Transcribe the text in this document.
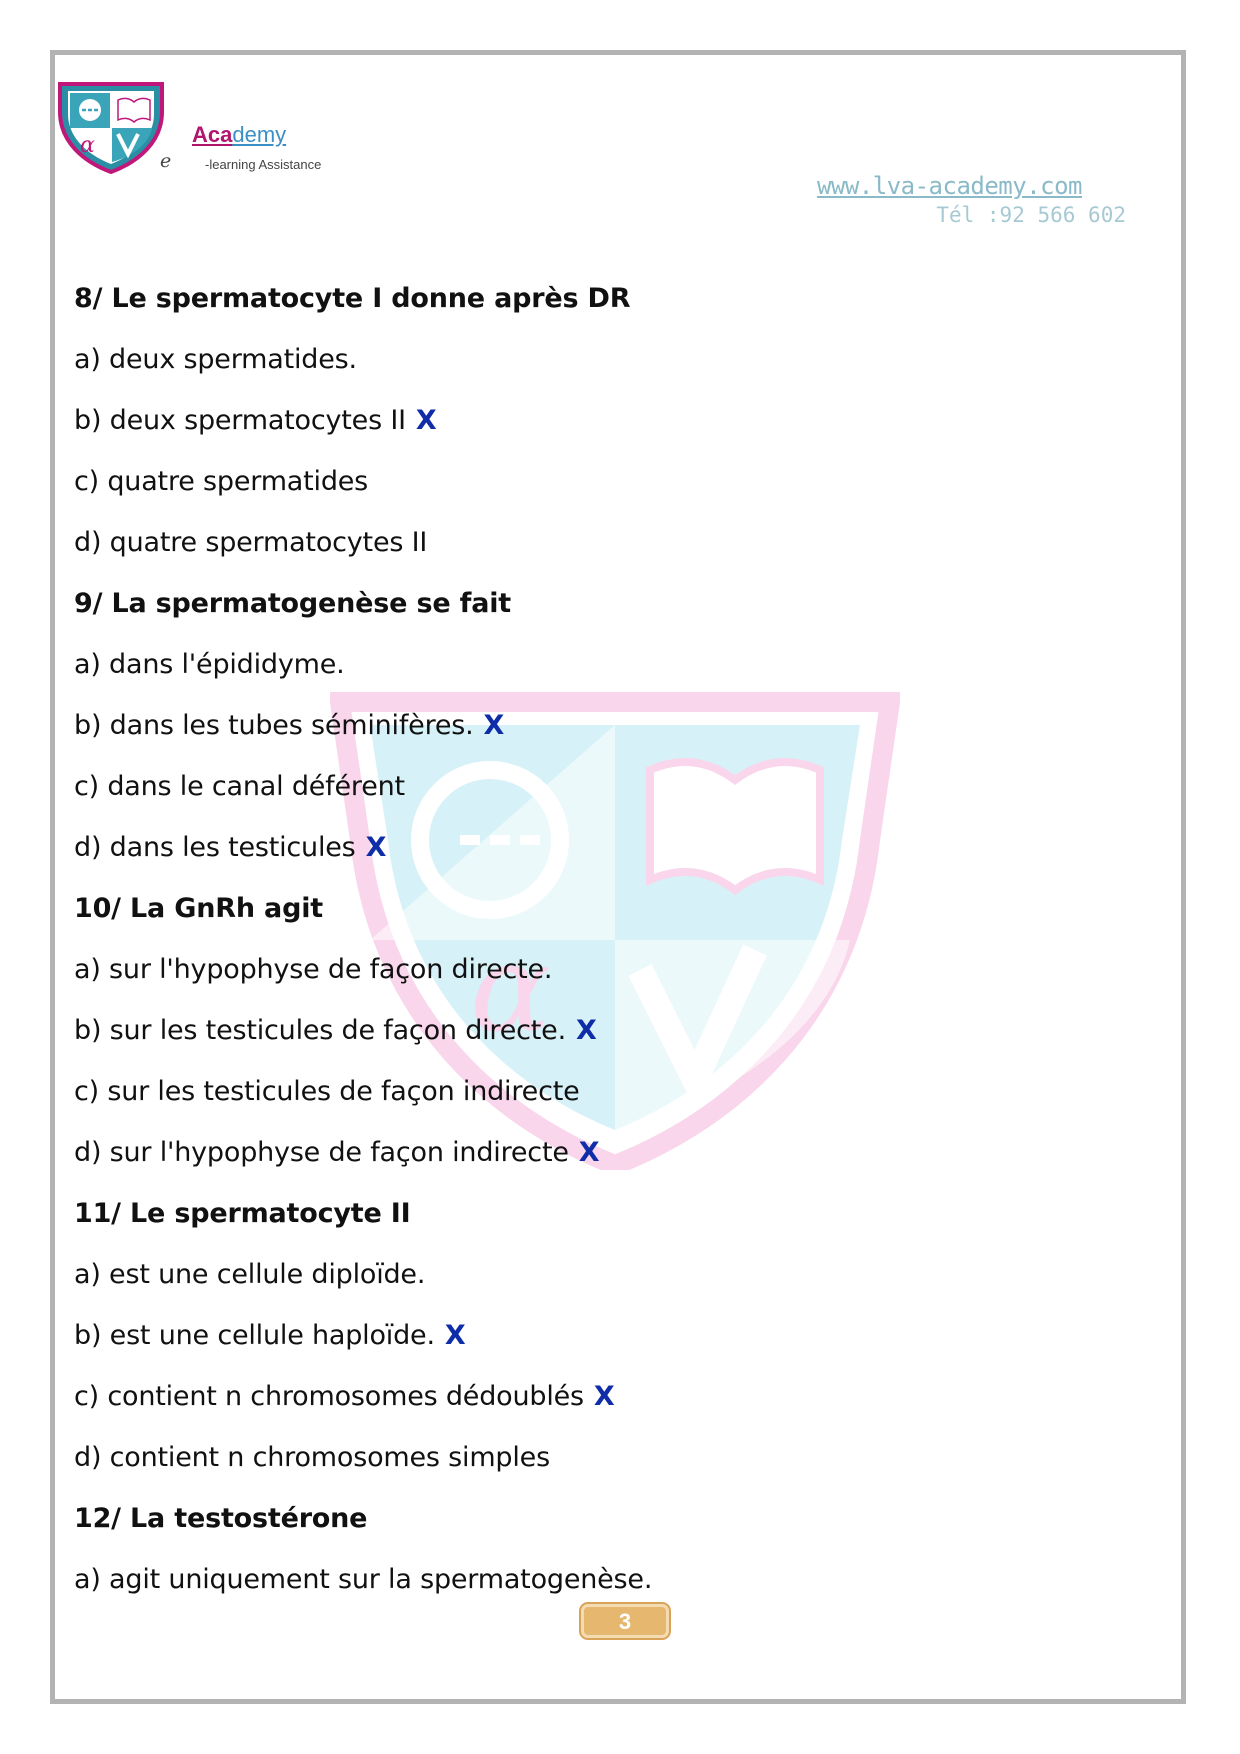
α	Academy
e	-learning Assistance
www.lva-academy.com
Tél :92 566 602
α
8/ Le spermatocyte I donne après DR
a) deux spermatides.
b) deux spermatocytes II X
c) quatre spermatides
d) quatre spermatocytes II
9/ La spermatogenèse se fait
a) dans l'épididyme.
b) dans les tubes séminifères. X
c) dans le canal déférent
d) dans les testicules X
10/ La GnRh agit
a) sur l'hypophyse de façon directe.
b) sur les testicules de façon directe. X
c) sur les testicules de façon indirecte
d) sur l'hypophyse de façon indirecte X
11/ Le spermatocyte II
a) est une cellule diploïde.
b) est une cellule haploïde. X
c) contient n chromosomes dédoublés X
d) contient n chromosomes simples
12/ La testostérone
a) agit uniquement sur la spermatogenèse.
3
